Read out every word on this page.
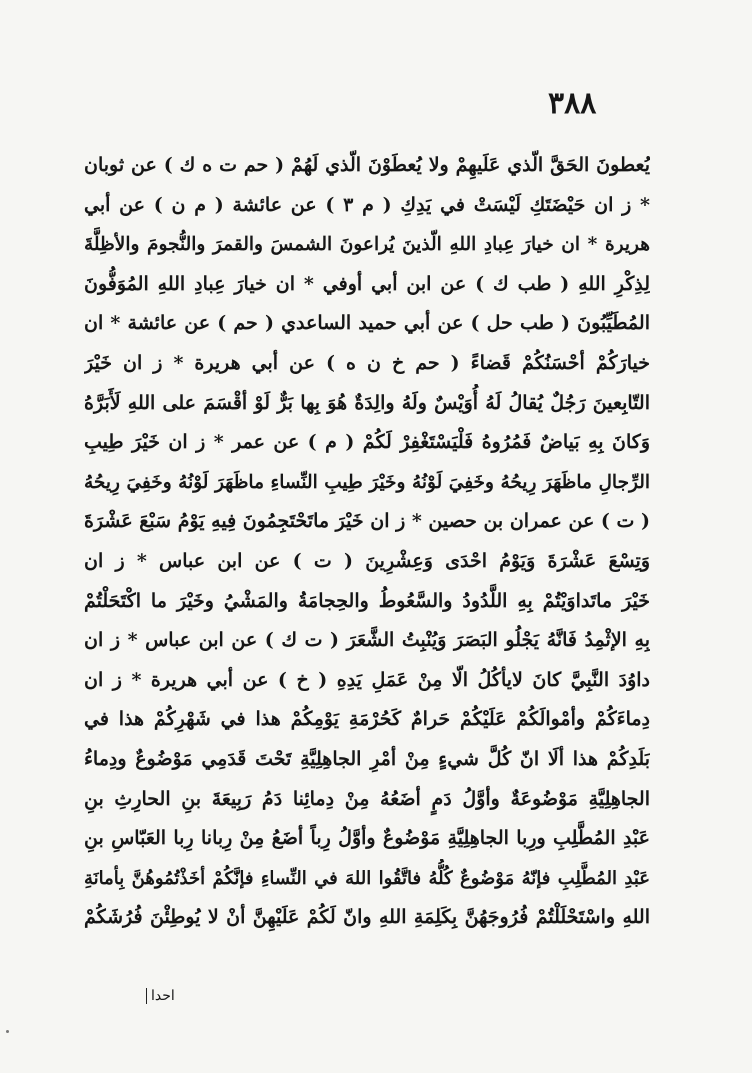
٣٨٨
يُعطونَ الحَقَّ الّذي عَلَيهِمْ ولا يُعطَوْنَ الّذي لَهُمْ ( حم ت ه ك ) عن ثوبان
* ز ان حَيْضَتَكِ لَيْسَتْ في يَدِكِ ( م ٣ ) عن عائشة ( م ن ) عن أبي
هريرة * ان خيارَ عِبادِ اللهِ الّذينَ يُراعونَ الشمسَ والقمرَ والنُّجومَ والأظِلَّةَ
لِذِكْرِ اللهِ ( طب ك ) عن ابن أبي أوفي * ان خيارَ عِبادِ اللهِ المُوَفُّونَ
المُطَيِّبُونَ ( طب حل ) عن أبي حميد الساعدي ( حم ) عن عائشة * ان
خيارَكُمْ أحْسَنُكُمْ قَضاءً ( حم خ ن ه ) عن أبي هريرة * ز ان خَيْرَ
التّابِعينَ رَجُلٌ يُقالُ لَهُ أُوَيْسٌ ولَهُ والِدَةٌ هُوَ بِها بَرٌّ لَوْ أقْسَمَ على اللهِ لَأَبَرَّهُ
وَكانَ بِهِ بَياضٌ فَمُرُوهُ فَلْيَسْتَغْفِرْ لَكُمْ ( م ) عن عمر * ز ان خَيْرَ طِيبِ
الرِّجالِ ماظَهَرَ رِيحُهُ وخَفِيَ لَوْنُهُ وخَيْرَ طِيبِ النِّساءِ ماظَهَرَ لَوْنُهُ وخَفِيَ رِيحُهُ
( ت ) عن عمران بن حصين * ز ان خَيْرَ ماتَحْتَجِمُونَ فِيهِ يَوْمُ سَبْعَ عَشْرَةَ
وَتِسْعَ عَشْرَةَ وَيَوْمُ احْدَى وَعِشْرِينَ ( ت ) عن ابن عباس * ز ان
خَيْرَ ماتَداوَيْتُمْ بِهِ اللَّدُودُ والسَّعُوطُ والحِجامَةُ والمَشْيُ وخَيْرَ ما اكْتَحَلْتُمْ
بِهِ الإثْمِدُ فَانَّهُ يَجْلُو البَصَرَ وَيُنْبِتُ الشَّعَرَ ( ت ك ) عن ابن عباس * ز ان
داوُدَ النَّبِيَّ كانَ لايأكُلُ الّا مِنْ عَمَلِ يَدِهِ ( خ ) عن أبي هريرة * ز ان
دِماءَكُمْ وأمْوالَكُمْ عَلَيْكُمْ حَرامٌ كَحُرْمَةِ يَوْمِكُمْ هذا في شَهْرِكُمْ هذا في
بَلَدِكُمْ هذا ألَا انّ كُلَّ شيءٍ مِنْ أمْرِ الجاهِلِيَّةِ تَحْتَ قَدَمِي مَوْضُوعٌ ودِماءُ
الجاهِلِيَّةِ مَوْضُوعَةٌ وأوَّلُ دَمٍ أضَعُهُ مِنْ دِمائِنا دَمُ رَبِيعَةَ بنِ الحارِثِ بنِ
عَبْدِ المُطَّلِبِ ورِبا الجاهِلِيَّةِ مَوْضُوعٌ وأوَّلُ رِباً أضَعُ مِنْ رِبانا رِبا العَبّاسِ بنِ
عَبْدِ المُطَّلِبِ فإنّهُ مَوْضُوعٌ كُلُّهُ فاتَّقُوا اللهَ في النِّساءِ فإنَّكُمْ أخَذْتُمُوهُنَّ بِأمانَةِ
اللهِ واسْتَحْلَلْتُمْ فُرُوجَهُنَّ بِكَلِمَةِ اللهِ وانّ لَكُمْ عَلَيْهِنَّ أنْ لا يُوطِئْنَ فُرُشَكُمْ
احدا
